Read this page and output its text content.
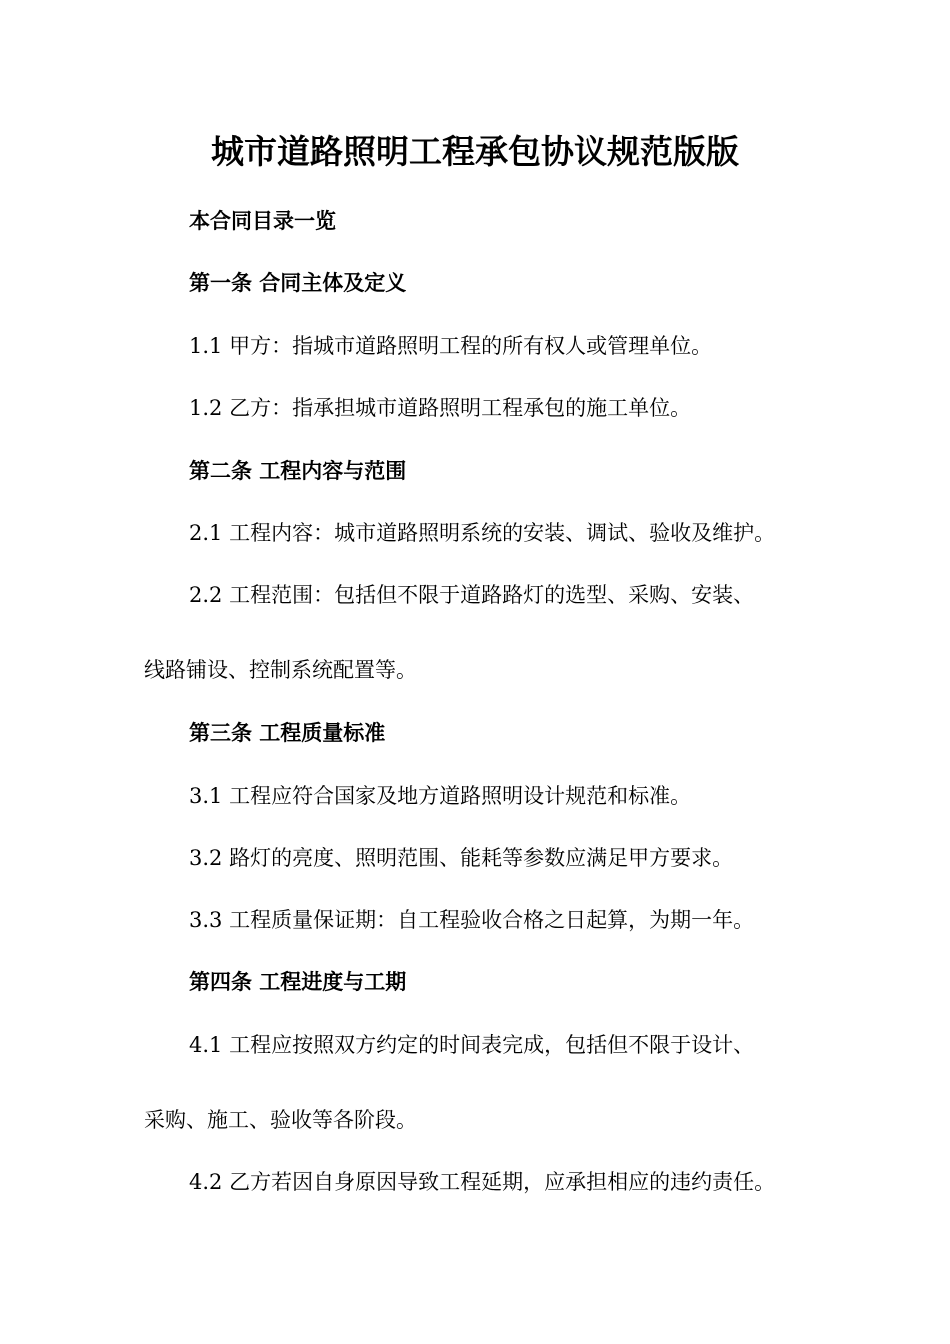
城市道路照明工程承包协议规范版版
本合同目录一览
第一条 合同主体及定义
1.1 甲方：指城市道路照明工程的所有权人或管理单位。
1.2 乙方：指承担城市道路照明工程承包的施工单位。
第二条 工程内容与范围
2.1 工程内容：城市道路照明系统的安装、调试、验收及维护。
2.2 工程范围：包括但不限于道路路灯的选型、采购、安装、
线路铺设、控制系统配置等。
第三条 工程质量标准
3.1 工程应符合国家及地方道路照明设计规范和标准。
3.2 路灯的亮度、照明范围、能耗等参数应满足甲方要求。
3.3 工程质量保证期：自工程验收合格之日起算，为期一年。
第四条 工程进度与工期
4.1 工程应按照双方约定的时间表完成，包括但不限于设计、
采购、施工、验收等各阶段。
4.2 乙方若因自身原因导致工程延期，应承担相应的违约责任。
